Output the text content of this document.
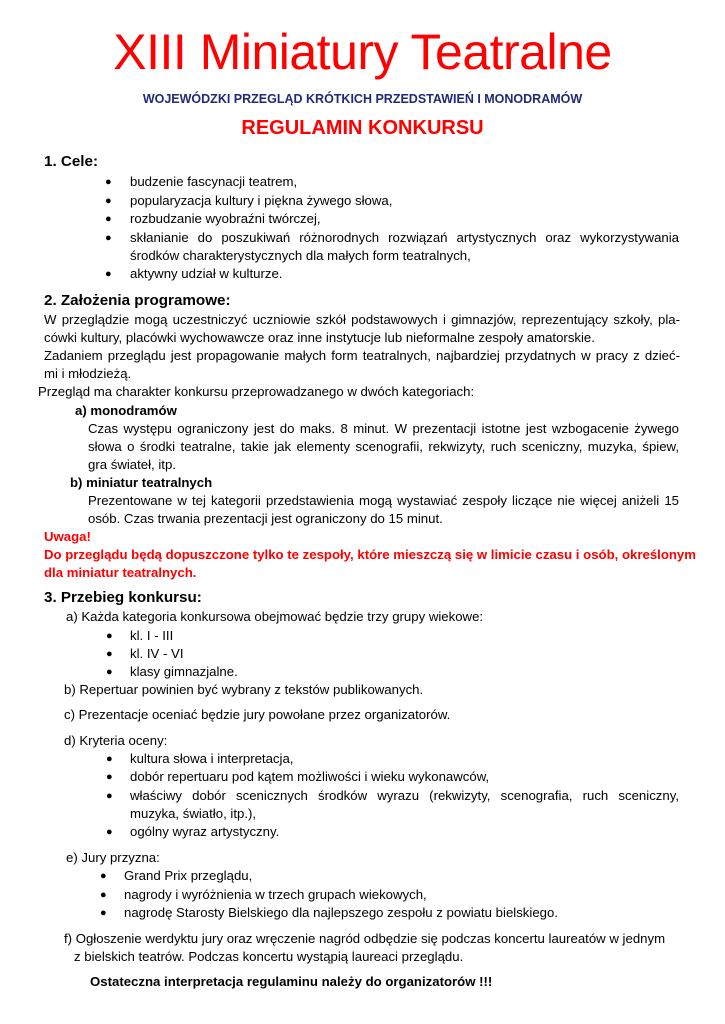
XIII Miniatury Teatralne
WOJEWÓDZKI PRZEGLĄD KRÓTKICH PRZEDSTAWIEŃ I MONODRAMÓW
REGULAMIN KONKURSU
1. Cele:
● budzenie fascynacji teatrem,
● popularyzacja kultury i piękna żywego słowa,
● rozbudzanie wyobraźni twórczej,
● skłanianie do poszukiwań różnorodnych rozwiązań artystycznych oraz wykorzystywania
środków charakterystycznych dla małych form teatralnych,
● aktywny udział w kulturze.
2. Założenia programowe:
W przeglądzie mogą uczestniczyć uczniowie szkół podstawowych i gimnazjów, reprezentujący szkoły, pla-
cówki kultury, placówki wychowawcze oraz inne instytucje lub nieformalne zespoły amatorskie.
Zadaniem przeglądu jest propagowanie małych form teatralnych, najbardziej przydatnych w pracy z dzieć-
mi i młodzieżą.
Przegląd ma charakter konkursu przeprowadzanego w dwóch kategoriach:
a) monodramów
Czas występu ograniczony jest do maks. 8 minut. W prezentacji istotne jest wzbogacenie żywego
słowa o środki teatralne, takie jak elementy scenografii, rekwizyty, ruch sceniczny, muzyka, śpiew,
gra świateł, itp.
b) miniatur teatralnych
Prezentowane w tej kategorii przedstawienia mogą wystawiać zespoły liczące nie więcej aniżeli 15
osób. Czas trwania prezentacji jest ograniczony do 15 minut.
Uwaga!
Do przeglądu będą dopuszczone tylko te zespoły, które mieszczą się w limicie czasu i osób, określonym
dla miniatur teatralnych.
3. Przebieg konkursu:
a) Każda kategoria konkursowa obejmować będzie trzy grupy wiekowe:
● kl. I - III
● kl. IV - VI
● klasy gimnazjalne.
b) Repertuar powinien być wybrany z tekstów publikowanych.
c) Prezentacje oceniać będzie jury powołane przez organizatorów.
d) Kryteria oceny:
● kultura słowa i interpretacja,
● dobór repertuaru pod kątem możliwości i wieku wykonawców,
● właściwy dobór scenicznych środków wyrazu (rekwizyty, scenografia, ruch sceniczny,
muzyka, światło, itp.),
● ogólny wyraz artystyczny.
e) Jury przyzna:
● Grand Prix przeglądu,
● nagrody i wyróżnienia w trzech grupach wiekowych,
● nagrodę Starosty Bielskiego dla najlepszego zespołu z powiatu bielskiego.
f) Ogłoszenie werdyktu jury oraz wręczenie nagród odbędzie się podczas koncertu laureatów w jednym
z bielskich teatrów. Podczas koncertu wystąpią laureaci przeglądu.
Ostateczna interpretacja regulaminu należy do organizatorów !!!
